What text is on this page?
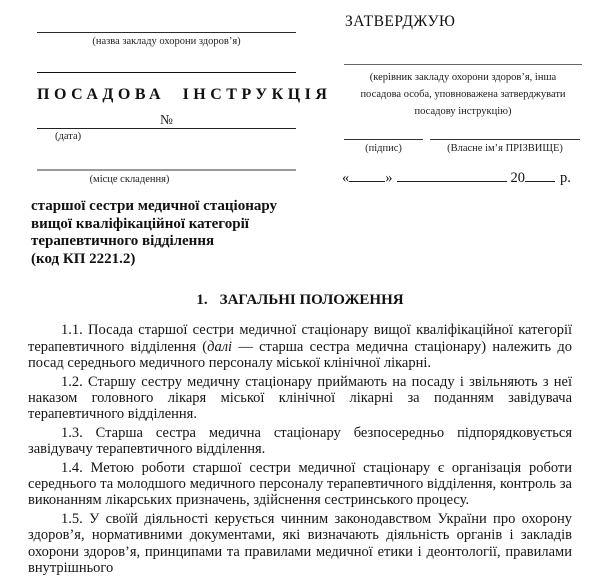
(назва закладу охорони здоров’я)
ПОСАДОВА ІНСТРУКЦІЯ
№
(дата)
(місце складення)
ЗАТВЕРДЖУЮ
(керівник закладу охорони здоров’я, інша
посадова особа, уповноважена затверджувати
посадову інструкцію)
(підпис)	(Власне ім’я ПРІЗВИЩЕ)
« »	20 р.
старшої сестри медичної стаціонару
вищої кваліфікаційної категорії
терапевтичного відділення
(код КП 2221.2)
1. ЗАГАЛЬНІ ПОЛОЖЕННЯ

1.1. Посада старшої сестри медичної стаціонару вищої кваліфікаційної категорії терапевтичного відділення (далі — старша сестра медична стаціонару) належить до посад середнього медичного персоналу міської клінічної лікарні.

1.2. Старшу сестру медичну стаціонару приймають на посаду і звільняють з неї наказом головного лікаря міської клінічної лікарні за поданням завідувача терапевтичного відділення.

1.3. Старша сестра медична стаціонару безпосередньо підпорядковується завідувачу терапевтичного відділення.

1.4. Метою роботи старшої сестри медичної стаціонару є організація роботи середнього та молодшого медичного персоналу терапевтичного відділення, контроль за виконанням лікарських призначень, здійснення сестринського процесу.

1.5. У своїй діяльності керується чинним законодавством України про охорону здоров’я, нормативними документами, які визначають діяльність органів і закладів охорони здоров’я, принципами та правилами медичної етики і деонтології, правилами внутрішнього
